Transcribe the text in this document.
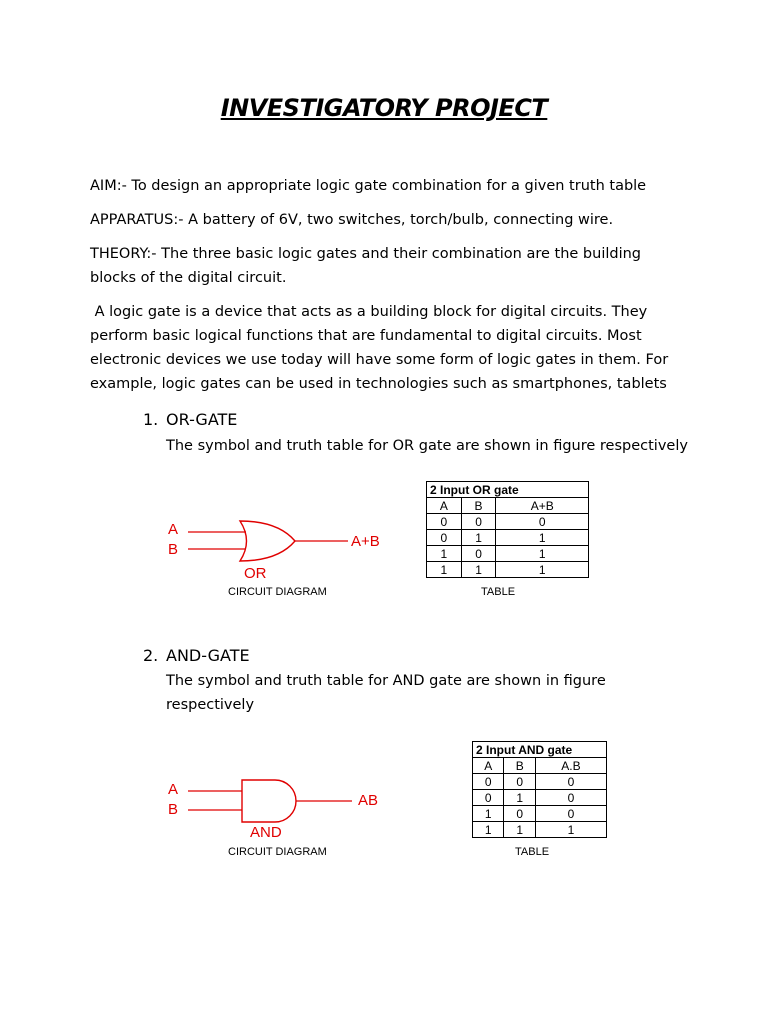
INVESTIGATORY PROJECT
AIM:- To design an appropriate logic gate combination for a given truth table
APPARATUS:- A battery of 6V, two switches, torch/bulb, connecting wire.
THEORY:- The three basic logic gates and their combination are the building
blocks of the digital circuit.
A logic gate is a device that acts as a building block for digital circuits. They
perform basic logical functions that are fundamental to digital circuits. Most
electronic devices we use today will have some form of logic gates in them. For
example, logic gates can be used in technologies such as smartphones, tablets
1. OR-GATE
The symbol and truth table for OR gate are shown in figure respectively
A
B	A+B
OR
CIRCUIT DIAGRAM
2 Input OR gate		
A	B	A+B
0	0	0
0	1	1
1	0	1
1	1	1
TABLE
2. AND-GATE
The symbol and truth table for AND gate are shown in figure
respectively
A
B
AB
AND
CIRCUIT DIAGRAM
2 Input AND gate		
A	B	A.B
0	0	0
0	1	0
1	0	0
1	1	1
TABLE
